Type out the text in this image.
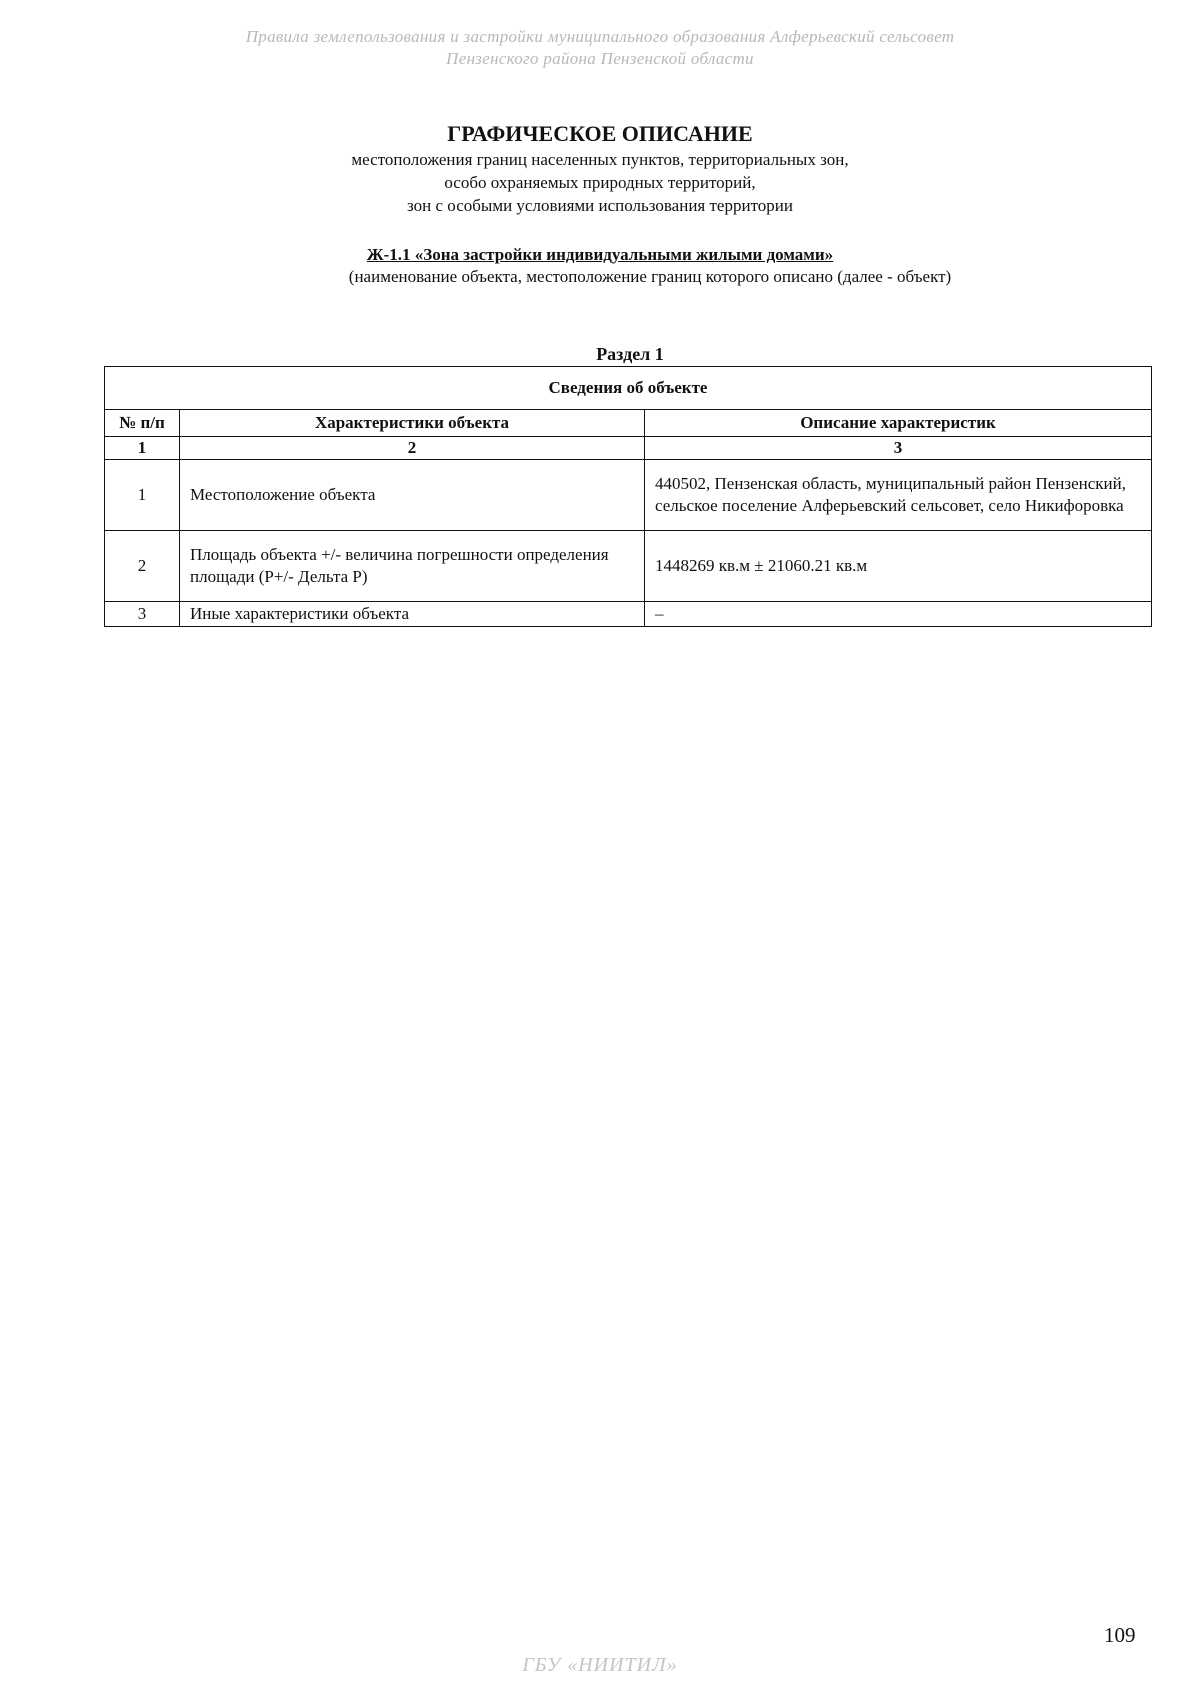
Правила землепользования и застройки муниципального образования Алферьевский сельсовет
Пензенского района Пензенской области
ГРАФИЧЕСКОЕ ОПИСАНИЕ
местоположения границ населенных пунктов, территориальных зон,
особо охраняемых природных территорий,
зон с особыми условиями использования территории
Ж-1.1 «Зона застройки индивидуальными жилыми домами»
(наименование объекта, местоположение границ которого описано (далее - объект)
Раздел 1
Сведения об объекте		
№ п/п	Характеристики объекта	Описание характеристик
1	2	3
1	Местоположение объекта	440502, Пензенская область, муниципальный район Пензенский, сельское поселение Алферьевский сельсовет, село Никифоровка
2	Площадь объекта +/- величина погрешности определения площади (Р+/- Дельта Р)	1448269 кв.м ± 21060.21 кв.м
3	Иные характеристики объекта	–
109
ГБУ «НИИТИЛ»
